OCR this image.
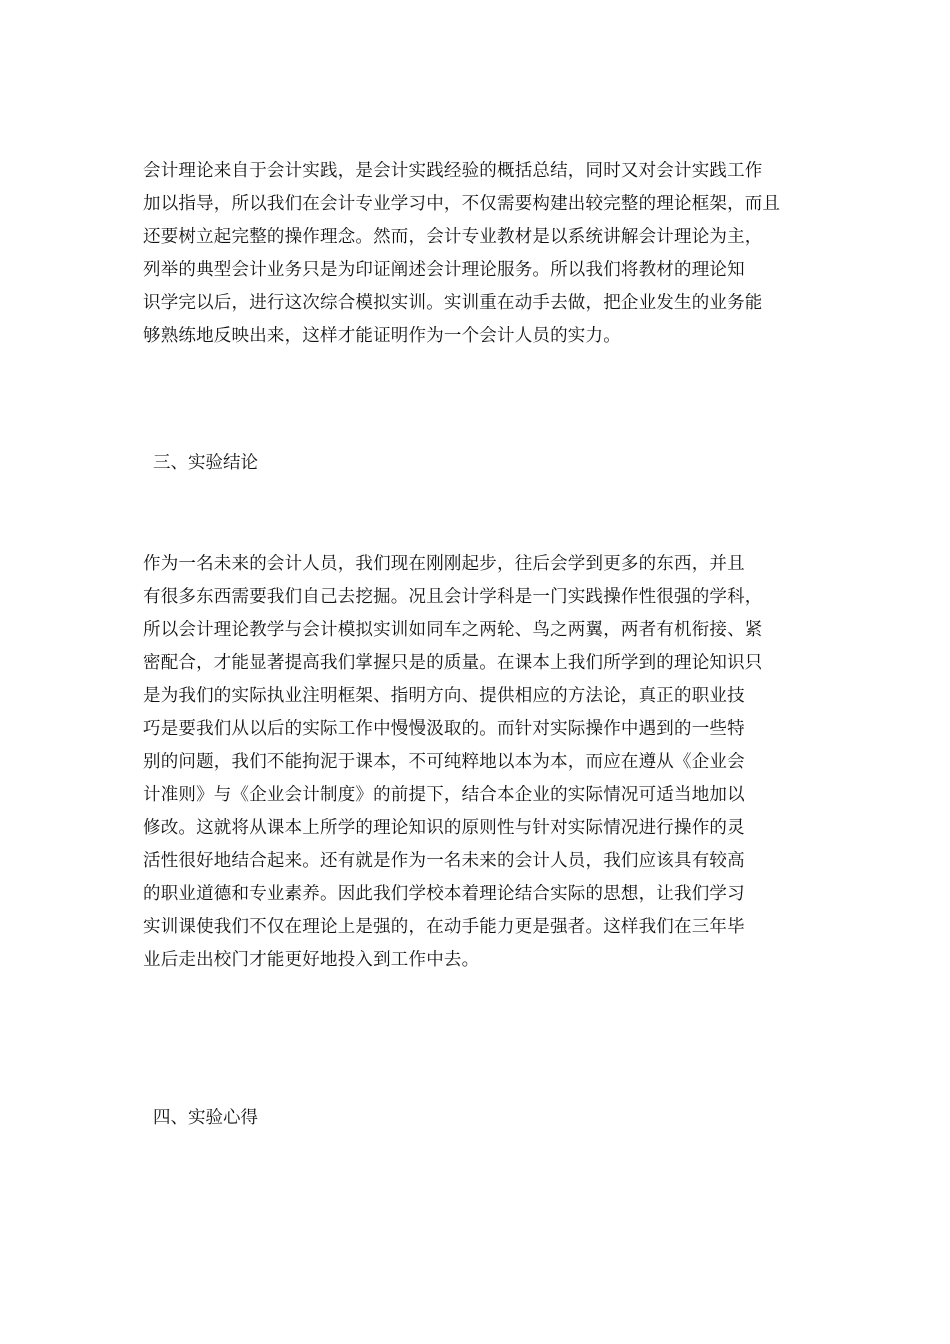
会计理论来自于会计实践，是会计实践经验的概括总结，同时又对会计实践工作
加以指导，所以我们在会计专业学习中，不仅需要构建出较完整的理论框架，而且
还要树立起完整的操作理念。然而，会计专业教材是以系统讲解会计理论为主，
列举的典型会计业务只是为印证阐述会计理论服务。所以我们将教材的理论知
识学完以后，进行这次综合模拟实训。实训重在动手去做，把企业发生的业务能
够熟练地反映出来，这样才能证明作为一个会计人员的实力。
三、实验结论
作为一名未来的会计人员，我们现在刚刚起步，往后会学到更多的东西，并且
有很多东西需要我们自己去挖掘。况且会计学科是一门实践操作性很强的学科，
所以会计理论教学与会计模拟实训如同车之两轮、鸟之两翼，两者有机衔接、紧
密配合，才能显著提高我们掌握只是的质量。在课本上我们所学到的理论知识只
是为我们的实际执业注明框架、指明方向、提供相应的方法论，真正的职业技
巧是要我们从以后的实际工作中慢慢汲取的。而针对实际操作中遇到的一些特
别的问题，我们不能拘泥于课本，不可纯粹地以本为本，而应在遵从《企业会
计准则》与《企业会计制度》的前提下，结合本企业的实际情况可适当地加以
修改。这就将从课本上所学的理论知识的原则性与针对实际情况进行操作的灵
活性很好地结合起来。还有就是作为一名未来的会计人员，我们应该具有较高
的职业道德和专业素养。因此我们学校本着理论结合实际的思想，让我们学习
实训课使我们不仅在理论上是强的，在动手能力更是强者。这样我们在三年毕
业后走出校门才能更好地投入到工作中去。
四、实验心得
